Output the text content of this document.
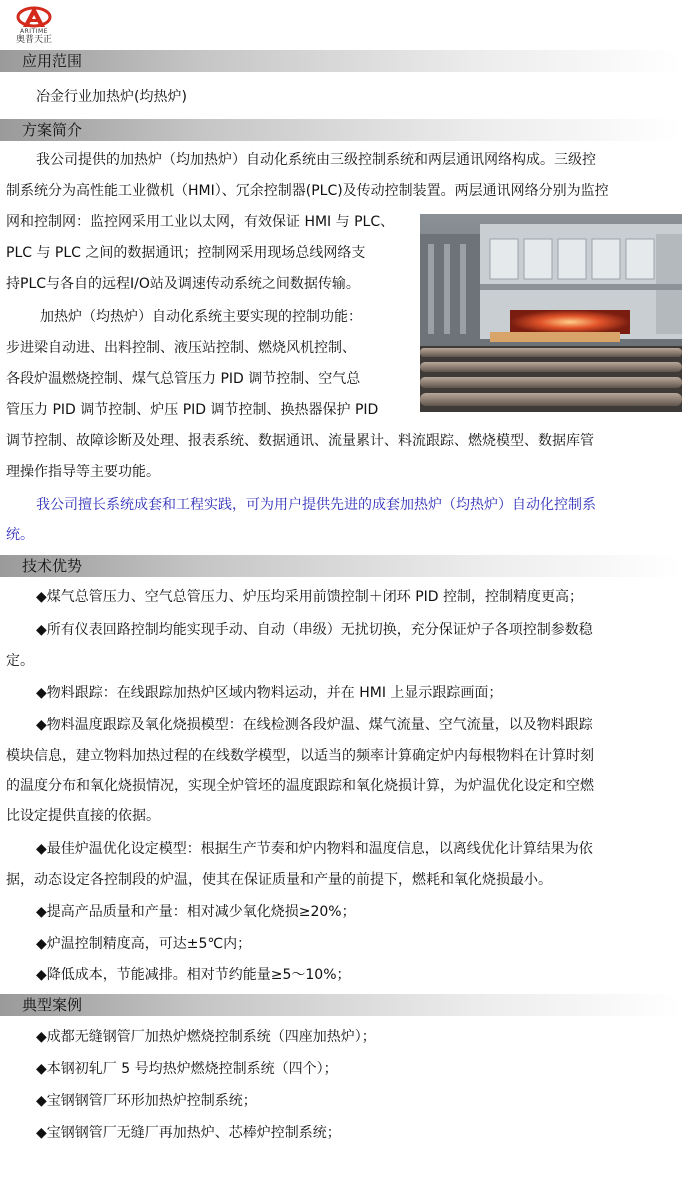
ARITIME
奥普天正
应用范围
冶金行业加热炉(均热炉)
方案简介
我公司提供的加热炉（均加热炉）自动化系统由三级控制系统和两层通讯网络构成。三级控
制系统分为高性能工业微机（HMI）、冗余控制器(PLC)及传动控制装置。两层通讯网络分别为监控
网和控制网：监控网采用工业以太网，有效保证 HMI 与 PLC、
PLC 与 PLC 之间的数据通讯；控制网采用现场总线网络支
持PLC与各自的远程I/O站及调速传动系统之间数据传输。
加热炉（均热炉）自动化系统主要实现的控制功能：
步进梁自动进、出料控制、液压站控制、燃烧风机控制、
各段炉温燃烧控制、煤气总管压力 PID 调节控制、空气总
管压力 PID 调节控制、炉压 PID 调节控制、换热器保护 PID
调节控制、故障诊断及处理、报表系统、数据通讯、流量累计、料流跟踪、燃烧模型、数据库管
理操作指导等主要功能。
我公司擅长系统成套和工程实践，可为用户提供先进的成套加热炉（均热炉）自动化控制系
统。
技术优势
◆煤气总管压力、空气总管压力、炉压均采用前馈控制＋闭环 PID 控制，控制精度更高；
◆所有仪表回路控制均能实现手动、自动（串级）无扰切换，充分保证炉子各项控制参数稳
定。
◆物料跟踪：在线跟踪加热炉区域内物料运动，并在 HMI 上显示跟踪画面；
◆物料温度跟踪及氧化烧损模型：在线检测各段炉温、煤气流量、空气流量，以及物料跟踪
模块信息，建立物料加热过程的在线数学模型，以适当的频率计算确定炉内每根物料在计算时刻
的温度分布和氧化烧损情况，实现全炉管坯的温度跟踪和氧化烧损计算，为炉温优化设定和空燃
比设定提供直接的依据。
◆最佳炉温优化设定模型：根据生产节奏和炉内物料和温度信息，以离线优化计算结果为依
据，动态设定各控制段的炉温，使其在保证质量和产量的前提下，燃耗和氧化烧损最小。
◆提高产品质量和产量：相对减少氧化烧损≥20%；
◆炉温控制精度高，可达±5℃内；
◆降低成本，节能减排。相对节约能量≥5～10%；
典型案例
◆成都无缝钢管厂加热炉燃烧控制系统（四座加热炉）；
◆本钢初轧厂 5 号均热炉燃烧控制系统（四个）；
◆宝钢钢管厂环形加热炉控制系统；
◆宝钢钢管厂无缝厂再加热炉、芯棒炉控制系统；
